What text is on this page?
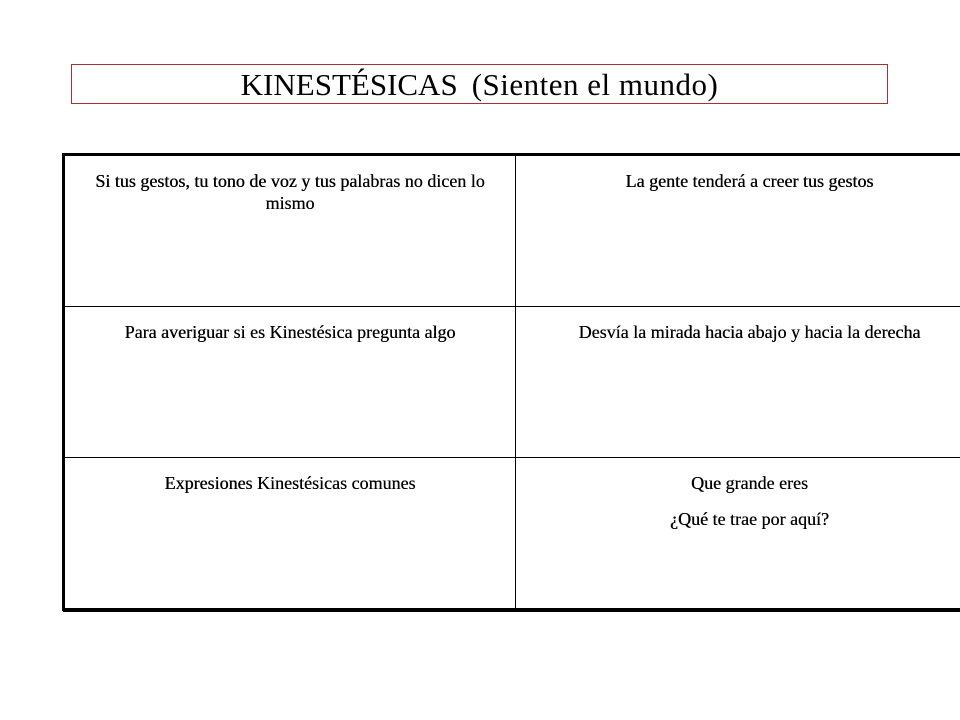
KINESTÉSICAS (Sienten el mundo)
Si tus gestos, tu tono de voz y tus palabras no dicen lo mismo	La gente tenderá a creer tus gestos

Para averiguar si es Kinestésica pregunta algo	Desvía la mirada hacia abajo y hacia la derecha

Expresiones Kinestésicas comunes	Que grande eres
¿Qué te trae por aquí?
